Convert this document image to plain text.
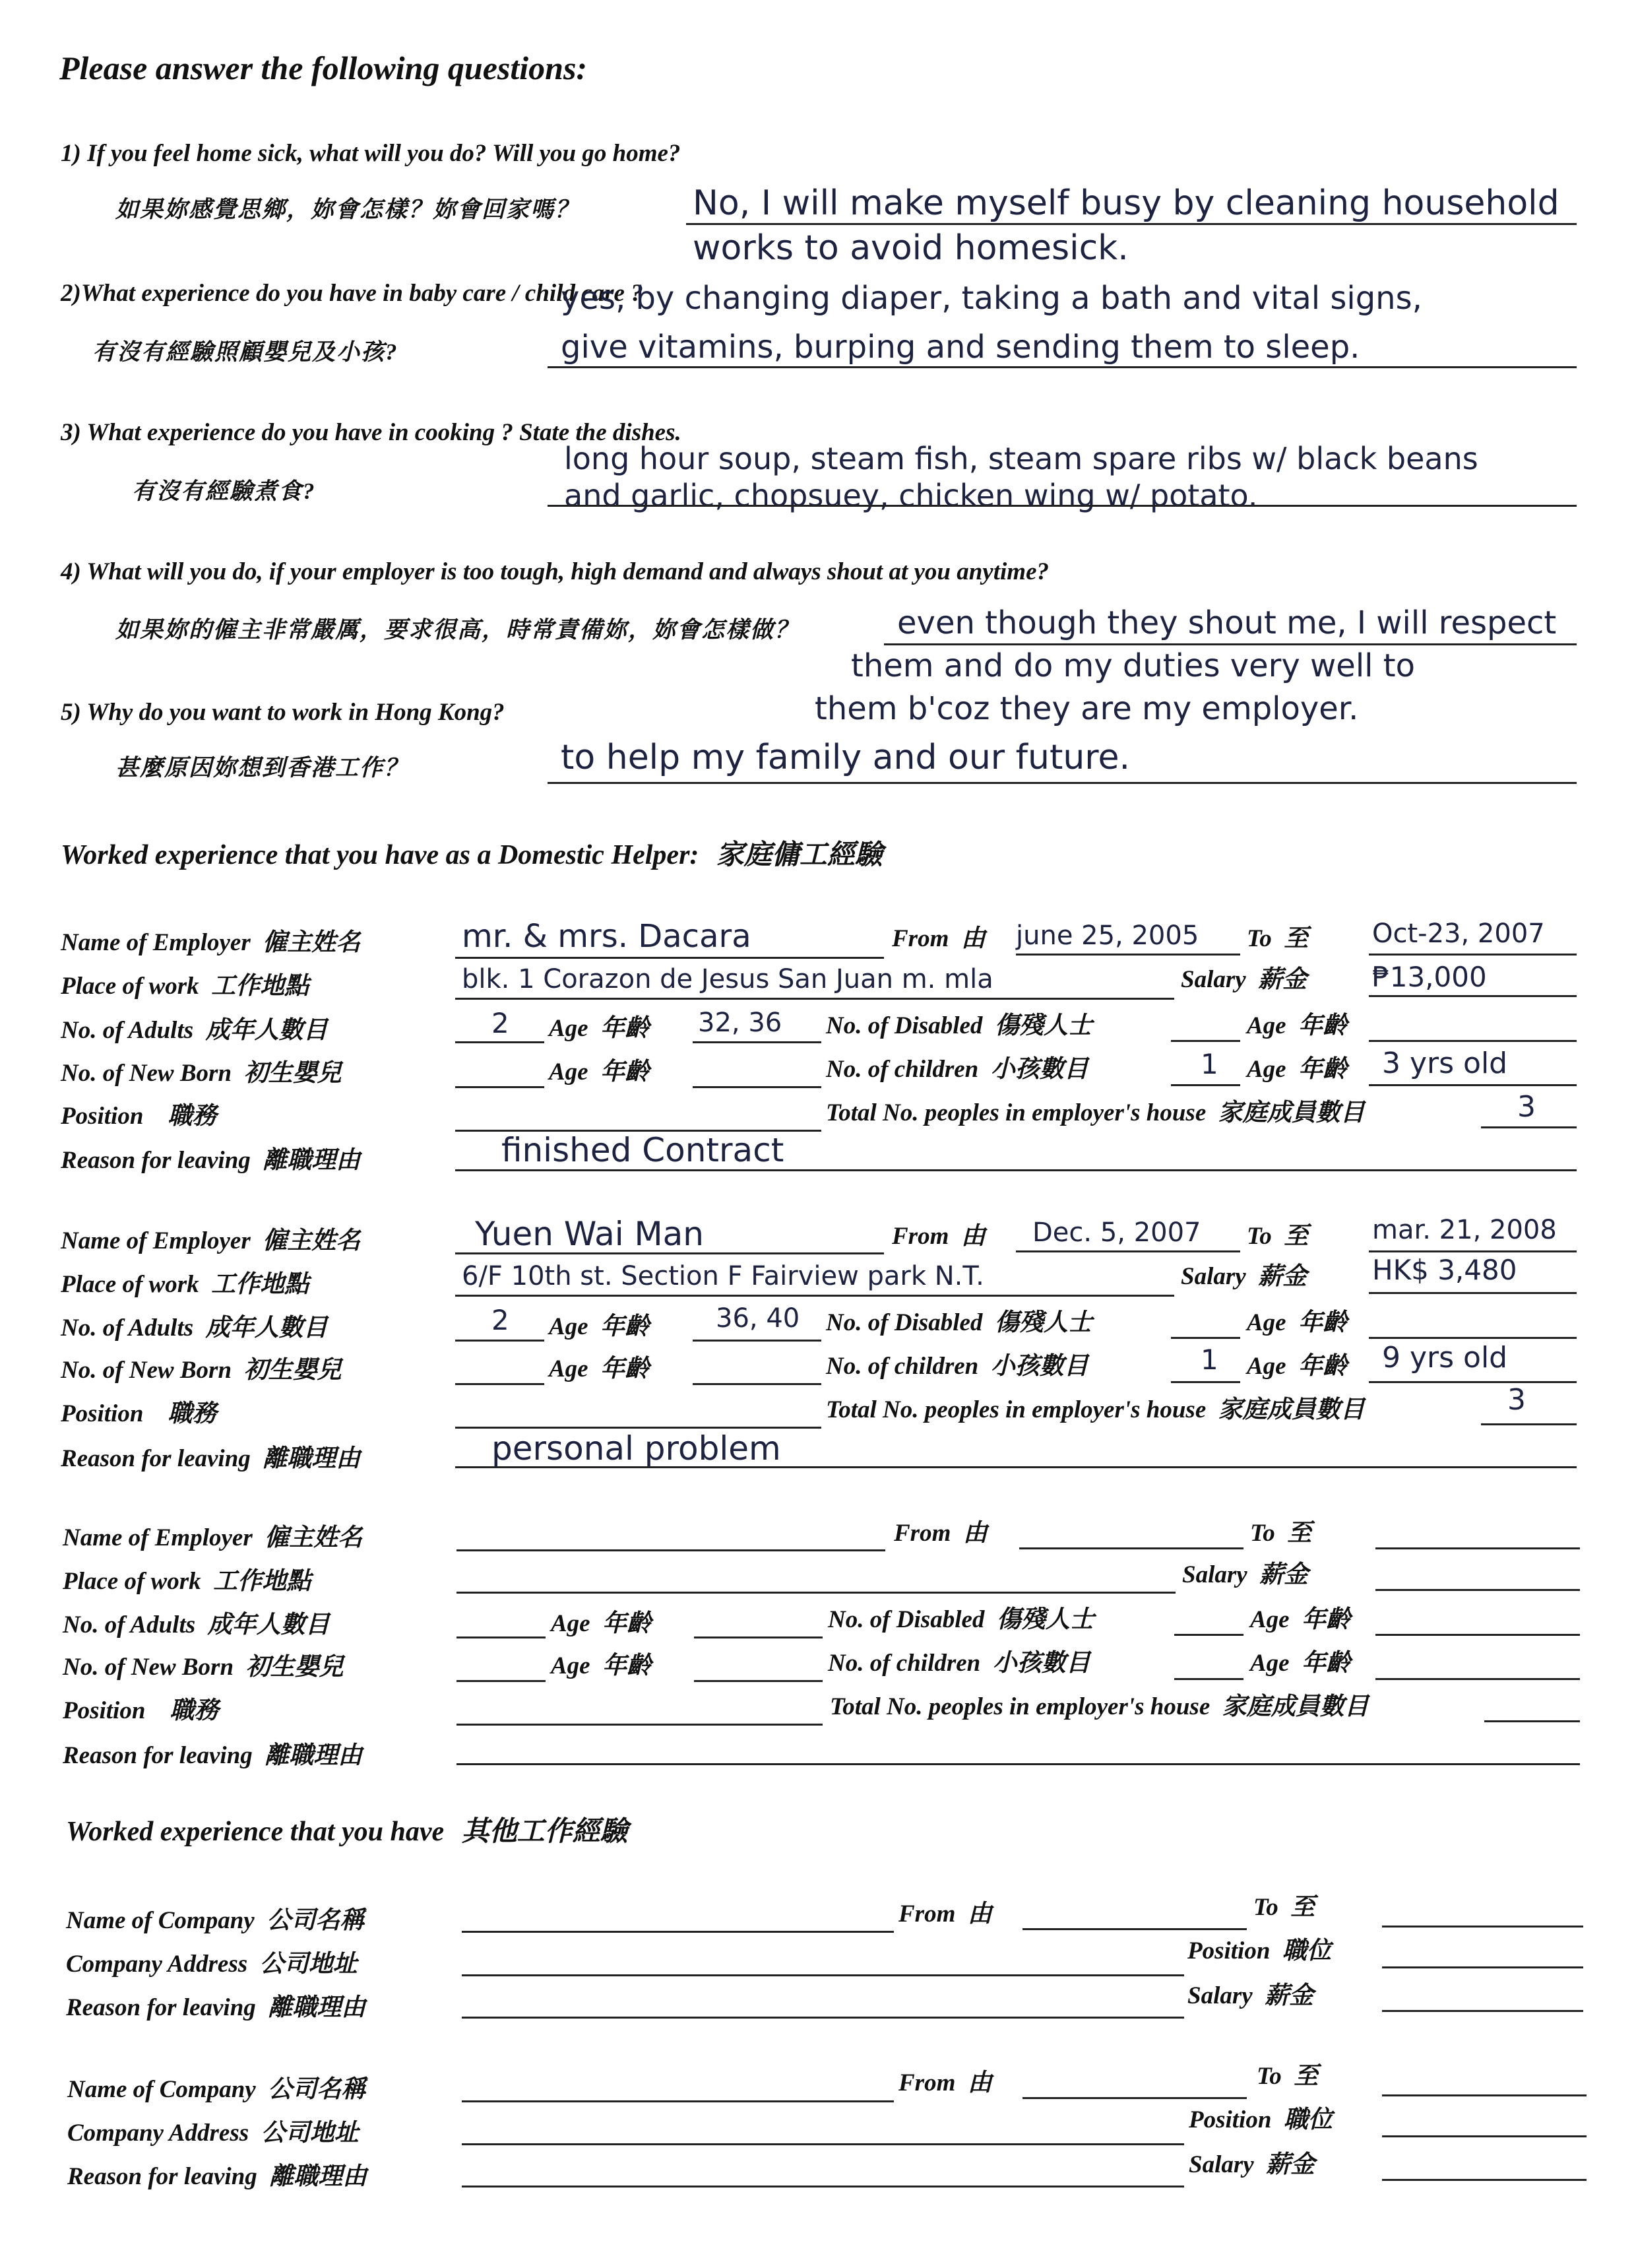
Please answer the following questions:
1) If you feel home sick, what will you do? Will you go home?
如果妳感覺思鄉，妳會怎樣？妳會回家嗎？	No, I will make myself busy by cleaning household
works to avoid homesick.
2)What experience do you have in baby care / child care ?
有沒有經驗照顧嬰兒及小孩?
yes, by changing diaper, taking a bath and vital signs,
give vitamins, burping and sending them to sleep.
3) What experience do you have in cooking ? State the dishes.
有沒有經驗煮食?
long hour soup, steam fish, steam spare ribs w/ black beans
and garlic, chopsuey, chicken wing w/ potato.
4) What will you do, if your employer is too tough, high demand and always shout at you anytime?
如果妳的僱主非常嚴厲，要求很高，時常責備妳，妳會怎樣做？	even though they shout me, I will respect
them and do my duties very well to
them b'coz they are my employer.
5) Why do you want to work in Hong Kong?
甚麼原因妳想到香港工作？	to help my family and our future.
Worked experience that you have as a Domestic Helper: 家庭傭工經驗
Name of Employer 僱主姓名	mr. & mrs. Dacara	From 由 june 25, 2005 To 至 Oct-23, 2007
Place of work 工作地點	blk. 1 Corazon de Jesus San Juan m. mla	Salary 薪金 ₱13,000
No. of Adults 成年人數目	2 Age 年齡 32, 36 No. of Disabled 傷殘人士	Age 年齡
No. of New Born 初生嬰兒	Age 年齡	No. of children 小孩數目	1 Age 年齡 3 yrs old
Position 職務	Total No. peoples in employer's house 家庭成員數目	3
Reason for leaving 離職理由	finished Contract
Name of Employer 僱主姓名	Yuen Wai Man	From 由 Dec. 5, 2007 To 至 mar. 21, 2008
Place of work 工作地點	6/F 10th st. Section F Fairview park N.T.	Salary 薪金 HK$ 3,480
No. of Adults 成年人數目	2 Age 年齡	36, 40 No. of Disabled 傷殘人士	Age 年齡
No. of New Born 初生嬰兒	Age 年齡	No. of children 小孩數目	1 Age 年齡 9 yrs old
Position 職務	Total No. peoples in employer's house 家庭成員數目	3
Reason for leaving 離職理由	personal problem
Name of Employer 僱主姓名	From 由	To 至
Place of work 工作地點	Salary 薪金
No. of Adults 成年人數目	Age 年齡	No. of Disabled 傷殘人士	Age 年齡
No. of New Born 初生嬰兒	Age 年齡	No. of children 小孩數目	Age 年齡
Position 職務	Total No. peoples in employer's house 家庭成員數目
Reason for leaving 離職理由
Worked experience that you have 其他工作經驗
Name of Company 公司名稱	From 由	To 至
Company Address 公司地址	Position 職位
Reason for leaving 離職理由	Salary 薪金
Name of Company 公司名稱	From 由	To 至
Company Address 公司地址	Position 職位
Reason for leaving 離職理由	Salary 薪金
